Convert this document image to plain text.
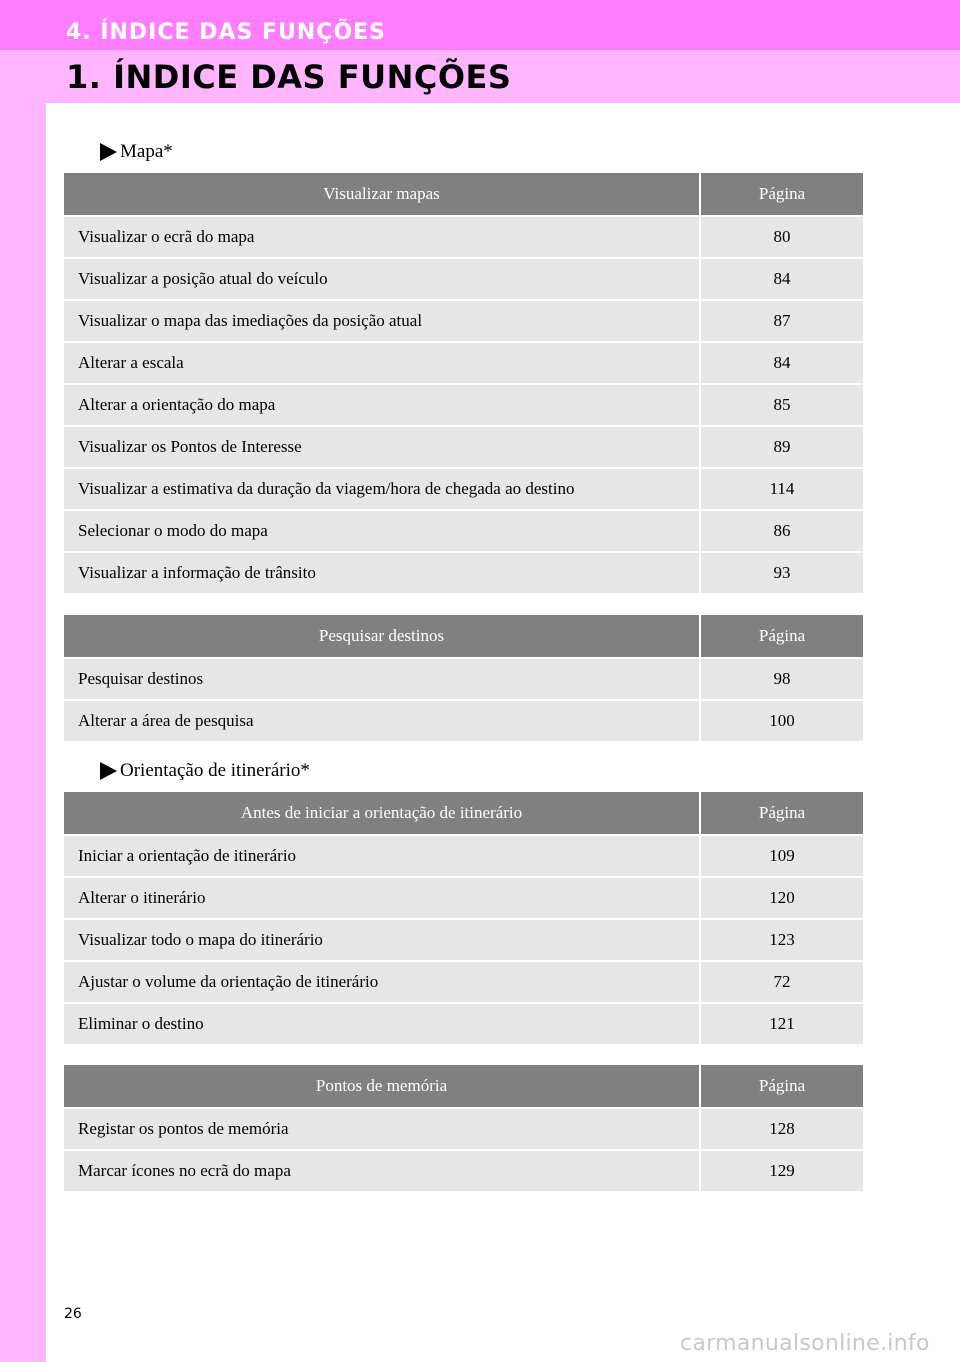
4. ÍNDICE DAS FUNÇÕES
1. ÍNDICE DAS FUNÇÕES
Mapa*
Visualizar mapas	Página
Visualizar o ecrã do mapa	80
Visualizar a posição atual do veículo	84
Visualizar o mapa das imediações da posição atual	87
Alterar a escala	84
Alterar a orientação do mapa	85
Visualizar os Pontos de Interesse	89
Visualizar a estimativa da duração da viagem/hora de chegada ao destino	114
Selecionar o modo do mapa	86
Visualizar a informação de trânsito	93
Pesquisar destinos	Página
Pesquisar destinos	98
Alterar a área de pesquisa	100
Orientação de itinerário*
Antes de iniciar a orientação de itinerário	Página
Iniciar a orientação de itinerário	109
Alterar o itinerário	120
Visualizar todo o mapa do itinerário	123
Ajustar o volume da orientação de itinerário	72
Eliminar o destino	121
Pontos de memória	Página
Registar os pontos de memória	128
Marcar ícones no ecrã do mapa	129
26
carmanualsonline.info
